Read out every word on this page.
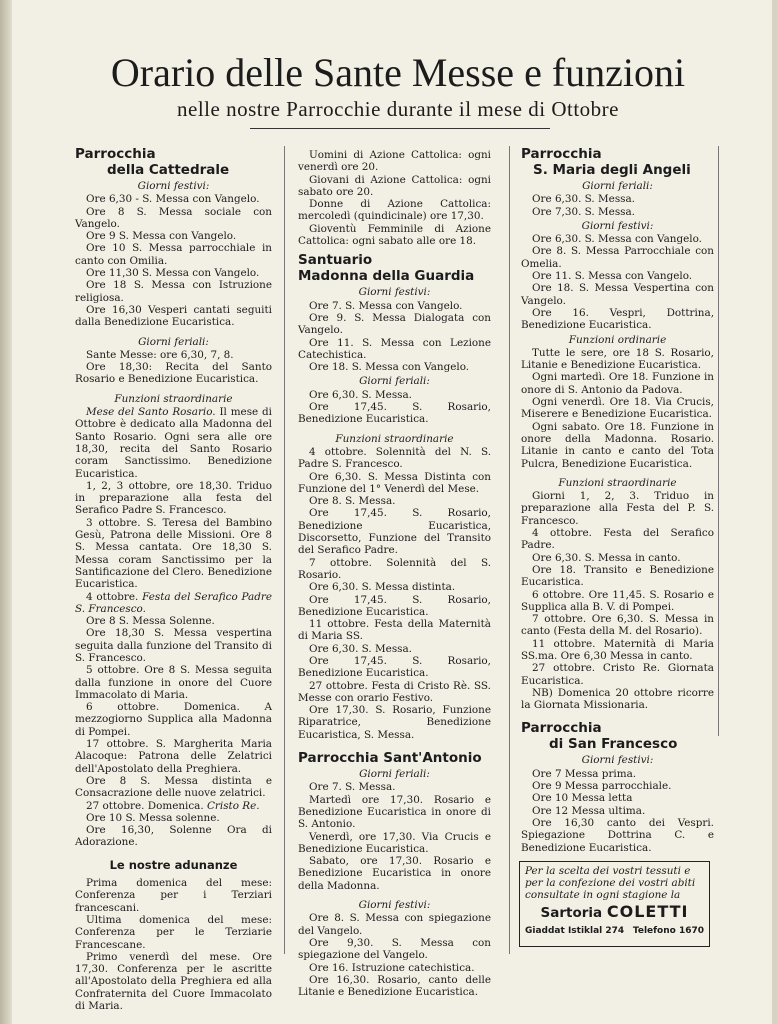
Orario delle Sante Messe e funzioni
nelle nostre Parrocchie durante il mese di Ottobre
Parrocchia
della Cattedrale
Giorni festivi:

Ore 6,30 - S. Messa con Vangelo.

Ore 8 S. Messa sociale con Vangelo.

Ore 9 S. Messa con Vangelo.

Ore 10 S. Messa parrocchiale in canto con Omilia.

Ore 11,30 S. Messa con Vangelo.

Ore 18 S. Messa con Istruzione religiosa.

Ore 16,30 Vesperi cantati seguiti dalla Benedizione Eucaristica.

Giorni feriali:

Sante Messe: ore 6,30, 7, 8.

Ore 18,30: Recita del Santo Rosario e Benedizione Eucaristica.

Funzioni straordinarie

Mese del Santo Rosario. Il mese di Ottobre è dedicato alla Madonna del Santo Rosario. Ogni sera alle ore 18,30, recita del Santo Rosario coram Sanctissimo. Benedizione Eucaristica.

1, 2, 3 ottobre, ore 18,30. Triduo in preparazione alla festa del Serafico Padre S. Francesco.

3 ottobre. S. Teresa del Bambino Gesù, Patrona delle Missioni. Ore 8 S. Messa cantata. Ore 18,30 S. Messa coram Sanctissimo per la Santificazione del Clero. Benedizione Eucaristica.

4 ottobre. Festa del Serafico Padre S. Francesco.

Ore 8 S. Messa Solenne.

Ore 18,30 S. Messa vespertina seguita dalla funzione del Transito di S. Francesco.

5 ottobre. Ore 8 S. Messa seguita dalla funzione in onore del Cuore Immacolato di Maria.

6 ottobre. Domenica. A mezzogiorno Supplica alla Madonna di Pompei.

17 ottobre. S. Margherita Maria Alacoque: Patrona delle Zelatrici dell'Apostolato della Preghiera.

Ore 8 S. Messa distinta e Consacrazione delle nuove zelatrici.

27 ottobre. Domenica. Cristo Re.

Ore 10 S. Messa solenne.

Ore 16,30, Solenne Ora di Adorazione.

Le nostre adunanze

Prima domenica del mese: Conferenza per i Terziari francescani.

Ultima domenica del mese: Conferenza per le Terziarie Francescane.

Primo venerdì del mese. Ore 17,30. Conferenza per le ascritte all'Apostolato della Preghiera ed alla Confraternita del Cuore Immacolato di Maria.

Uomini di Azione Cattolica: ogni venerdì ore 20.

Giovani di Azione Cattolica: ogni sabato ore 20.

Donne di Azione Cattolica: mercoledì (quindicinale) ore 17,30.

Gioventù Femminile di Azione Cattolica: ogni sabato alle ore 18.

Santuario
Madonna della Guardia
Giorni festivi:

Ore 7. S. Messa con Vangelo.

Ore 9. S. Messa Dialogata con Vangelo.

Ore 11. S. Messa con Lezione Catechistica.

Ore 18. S. Messa con Vangelo.

Giorni feriali:

Ore 6,30. S. Messa.

Ore 17,45. S. Rosario, Benedizione Eucaristica.

Funzioni straordinarie

4 ottobre. Solennità del N. S. Padre S. Francesco.

Ore 6,30. S. Messa Distinta con Funzione del 1° Venerdì del Mese.

Ore 8. S. Messa.

Ore 17,45. S. Rosario, Benedizione Eucaristica, Discorsetto, Funzione del Transito del Serafico Padre.

7 ottobre. Solennità del S. Rosario.

Ore 6,30. S. Messa distinta.

Ore 17,45. S. Rosario, Benedizione Eucaristica.

11 ottobre. Festa della Maternità di Maria SS.

Ore 6,30. S. Messa.

Ore 17,45. S. Rosario, Benedizione Eucaristica.

27 ottobre. Festa di Cristo Rè. SS. Messe con orario Festivo.

Ore 17,30. S. Rosario, Funzione Riparatrice, Benedizione Eucaristica, S. Messa.

Parrocchia Sant'Antonio
Giorni feriali:

Ore 7. S. Messa.

Martedì ore 17,30. Rosario e Benedizione Eucaristica in onore di S. Antonio.

Venerdì, ore 17,30. Via Crucis e Benedizione Eucaristica.

Sabato, ore 17,30. Rosario e Benedizione Eucaristica in onore della Madonna.

Giorni festivi:

Ore 8. S. Messa con spiegazione del Vangelo.

Ore 9,30. S. Messa con spiegazione del Vangelo.

Ore 16. Istruzione catechistica.

Ore 16,30. Rosario, canto delle Litanie e Benedizione Eucaristica.

Parrocchia
S. Maria degli Angeli
Giorni feriali:

Ore 6,30. S. Messa.

Ore 7,30. S. Messa.

Giorni festivi:

Ore 6,30. S. Messa con Vangelo.

Ore 8. S. Messa Parrocchiale con Omelia.

Ore 11. S. Messa con Vangelo.

Ore 18. S. Messa Vespertina con Vangelo.

Ore 16. Vespri, Dottrina, Benedizione Eucaristica.

Funzioni ordinarie

Tutte le sere, ore 18 S. Rosario, Litanie e Benedizione Eucaristica.

Ogni martedì. Ore 18. Funzione in onore di S. Antonio da Padova.

Ogni venerdì. Ore 18. Via Crucis, Miserere e Benedizione Eucaristica.

Ogni sabato. Ore 18. Funzione in onore della Madonna. Rosario. Litanie in canto e canto del Tota Pulcra, Benedizione Eucaristica.

Funzioni straordinarie

Giorni 1, 2, 3. Triduo in preparazione alla Festa del P. S. Francesco.

4 ottobre. Festa del Serafico Padre.

Ore 6,30. S. Messa in canto.

Ore 18. Transito e Benedizione Eucaristica.

6 ottobre. Ore 11,45. S. Rosario e Supplica alla B. V. di Pompei.

7 ottobre. Ore 6,30. S. Messa in canto (Festa della M. del Rosario).

11 ottobre. Maternità di Maria SS.ma. Ore 6,30 Messa in canto.

27 ottobre. Cristo Re. Giornata Eucaristica.

NB) Domenica 20 ottobre ricorre la Giornata Missionaria.

Parrocchia
di San Francesco
Giorni festivi:

Ore 7 Messa prima.

Ore 9 Messa parrocchiale.

Ore 10 Messa letta

Ore 12 Messa ultima.

Ore 16,30 canto dei Vespri. Spiegazione Dottrina C. e Benedizione Eucaristica.

Per la scelta dei vostri tessuti e per la confezione dei vostri abiti consultate in ogni stagione la
Sartoria COLETTI
Giaddat Istiklal 274 Telefono 1670
